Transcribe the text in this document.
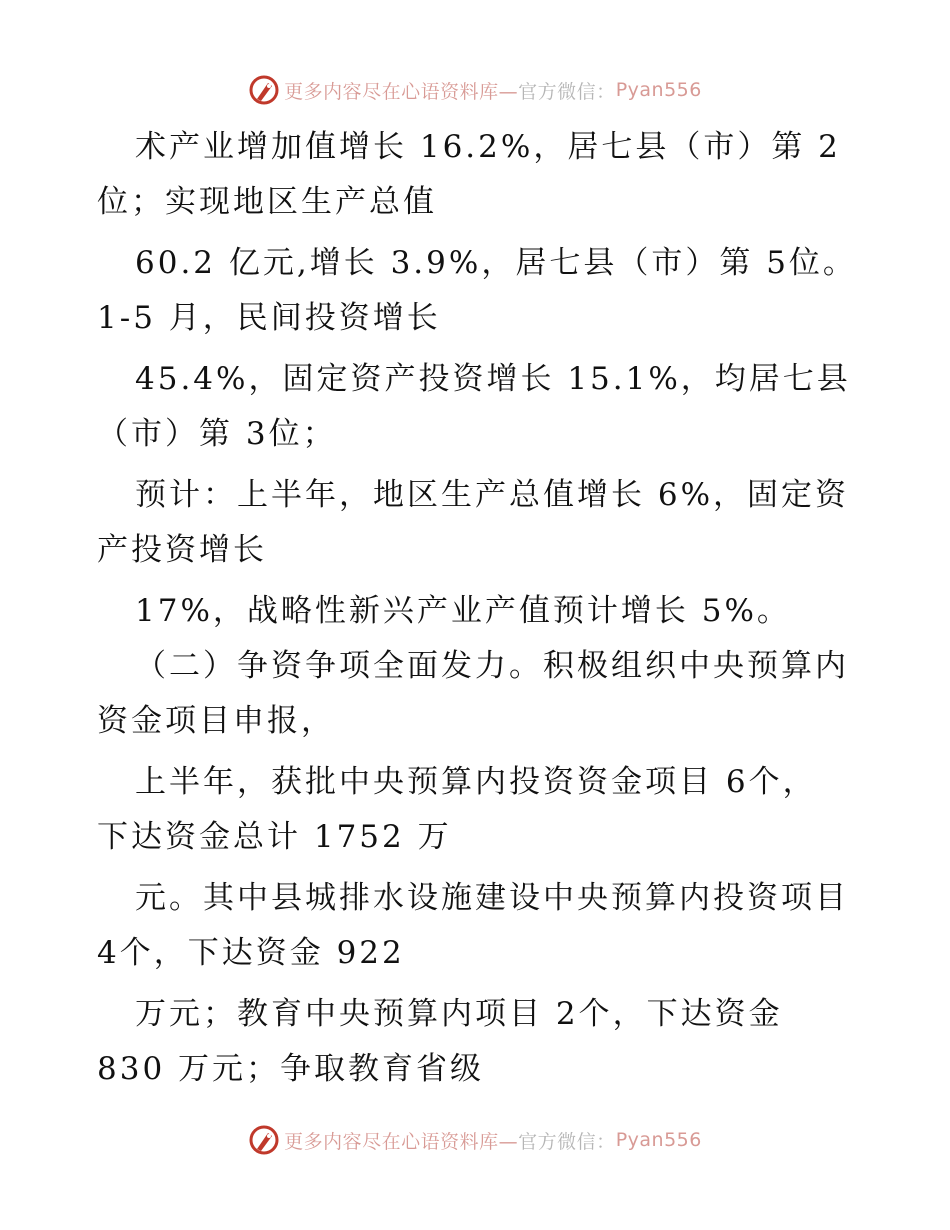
更多内容尽在心语资料库— 官方微信： Pyan556
术产业增加值增长 16.2%，居七县（市）第 2
位；实现地区生产总值
60.2 亿元,增长 3.9%，居七县（市）第 5位。
1-5 月，民间投资增长
45.4%，固定资产投资增长 15.1%，均居七县
（市）第 3位；
预计：上半年，地区生产总值增长 6%，固定资
产投资增长
17%，战略性新兴产业产值预计增长 5%。
（二）争资争项全面发力。积极组织中央预算内
资金项目申报，
上半年，获批中央预算内投资资金项目 6个，
下达资金总计 1752 万
元。其中县城排水设施建设中央预算内投资项目
4个，下达资金 922
万元；教育中央预算内项目 2个，下达资金
830 万元；争取教育省级
更多内容尽在心语资料库— 官方微信： Pyan556
